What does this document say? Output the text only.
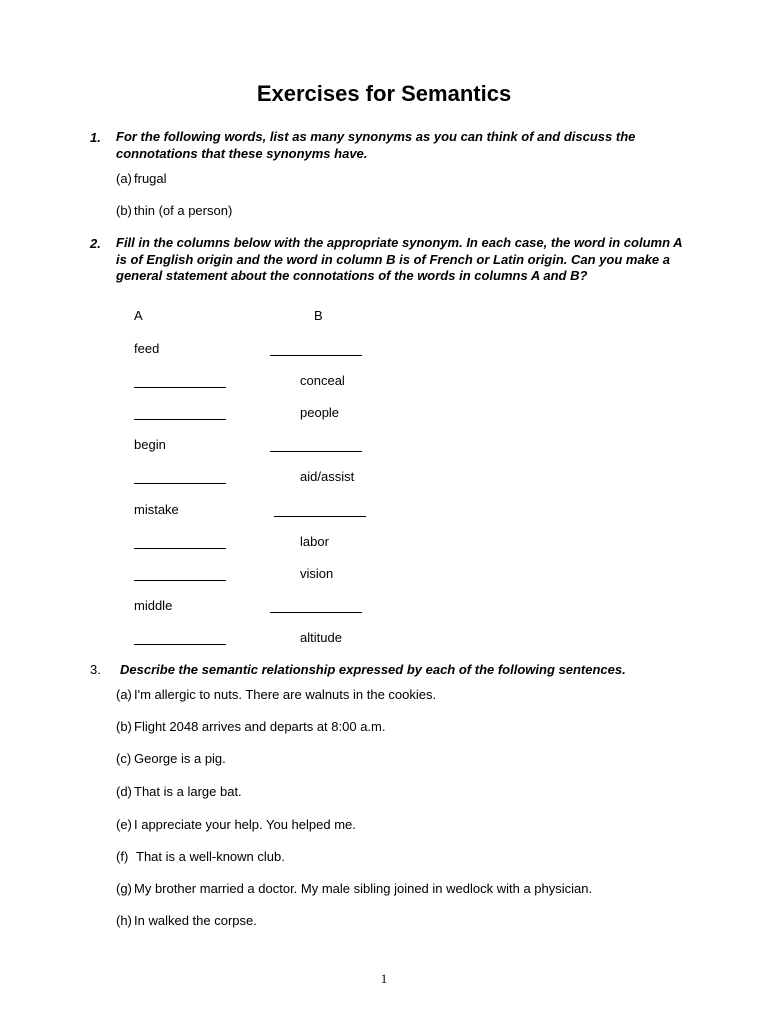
Exercises for Semantics
1. For the following words, list as many synonyms as you can think of and discuss the connotations that these synonyms have.
(a) frugal
(b) thin (of a person)
2. Fill in the columns below with the appropriate synonym. In each case, the word in column A is of English origin and the word in column B is of French or Latin origin. Can you make a general statement about the connotations of the words in columns A and B?
A	B
feed
conceal
people
begin
aid/assist
mistake
labor
vision
middle
altitude
3. Describe the semantic relationship expressed by each of the following sentences.
(a) I'm allergic to nuts. There are walnuts in the cookies.
(b) Flight 2048 arrives and departs at 8:00 a.m.
(c) George is a pig.
(d) That is a large bat.
(e) I appreciate your help. You helped me.
(f) That is a well-known club.
(g) My brother married a doctor. My male sibling joined in wedlock with a physician.
(h) In walked the corpse.
1
